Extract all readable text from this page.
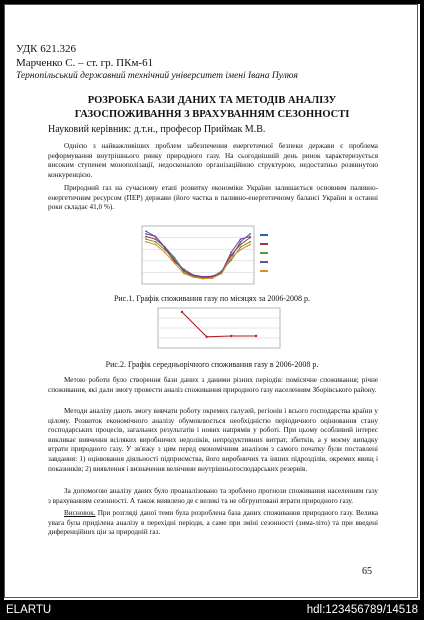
УДК 621.326
Марченко С. – ст. гр. ПКм-61
Тернопільський державний технічний університет імені Івана Пулюя
РОЗРОБКА БАЗИ ДАНИХ ТА МЕТОДІВ АНАЛІЗУ
ГАЗОСПОЖИВАННЯ З ВРАХУВАННЯМ СЕЗОННОСТІ
Науковий керівник: д.т.н., професор Приймак М.В.
Однією з найважливіших проблем забезпечення енергетичної безпеки держави є проблема реформування внутрішнього ринку природного газу. На сьогоднішній день ринок характеризується високим ступенем монополізації, недосконалою організаційною структурою, недостатньо розвинутою конкуренцією.
Природний газ на сучасному етапі розвитку економіки України залишається основним паливно-енергетичним ресурсом (ПЕР) держави (його частка в паливно-енергетичному балансі України в останні роки складає 41,0 %).
Рис.1. Графік споживання газу по місяцях за 2006-2008 р.
Рис.2. Графік середньорічного споживання газу в 2006-2008 р.
Метою роботи було створення бази даних з даними різних періодів: помісячне споживання; річне споживання, які дали змогу провести аналіз споживання природного газу населенням Зборівського району.
Методи аналізу дають змогу вивчати роботу окремих галузей, регіонів і всього господарства країни у цілому. Розвиток економічного аналізу обумовлюється необхідністю періодичного оцінювання стану господарських процесів, загальних результатів і нових напрямів у роботі. При цьому особливий інтерес викликає вивчення всіляких виробничих недоліків, непродуктивних витрат, збитків, а у моєму випадку втрати природного газу. У зв'язку з цим перед економічним аналізом з самого початку були поставлені завдання: 1) оцінювання діяльності підприємства, його виробничих та інших підрозділів, окремих явищ і показників; 2) виявлення і визначення величини внутрішньогосподарських резервів.
За допомогою аналізу даних було проаналізовано та зроблено прогнози споживання населенням газу з врахуванням сезонності. А також виявлено де є великі та не обгрунтовані втрати природного газу.
Висновок. При розгляді даної теми була розроблена база даних споживання природного газу. Велика увага була приділена аналізу в перехідні періоди, а саме при зміні сезонності (зима-літо) та при введені диференційних цін за природній газ.
65
ELARTU	hdl:123456789/14518
